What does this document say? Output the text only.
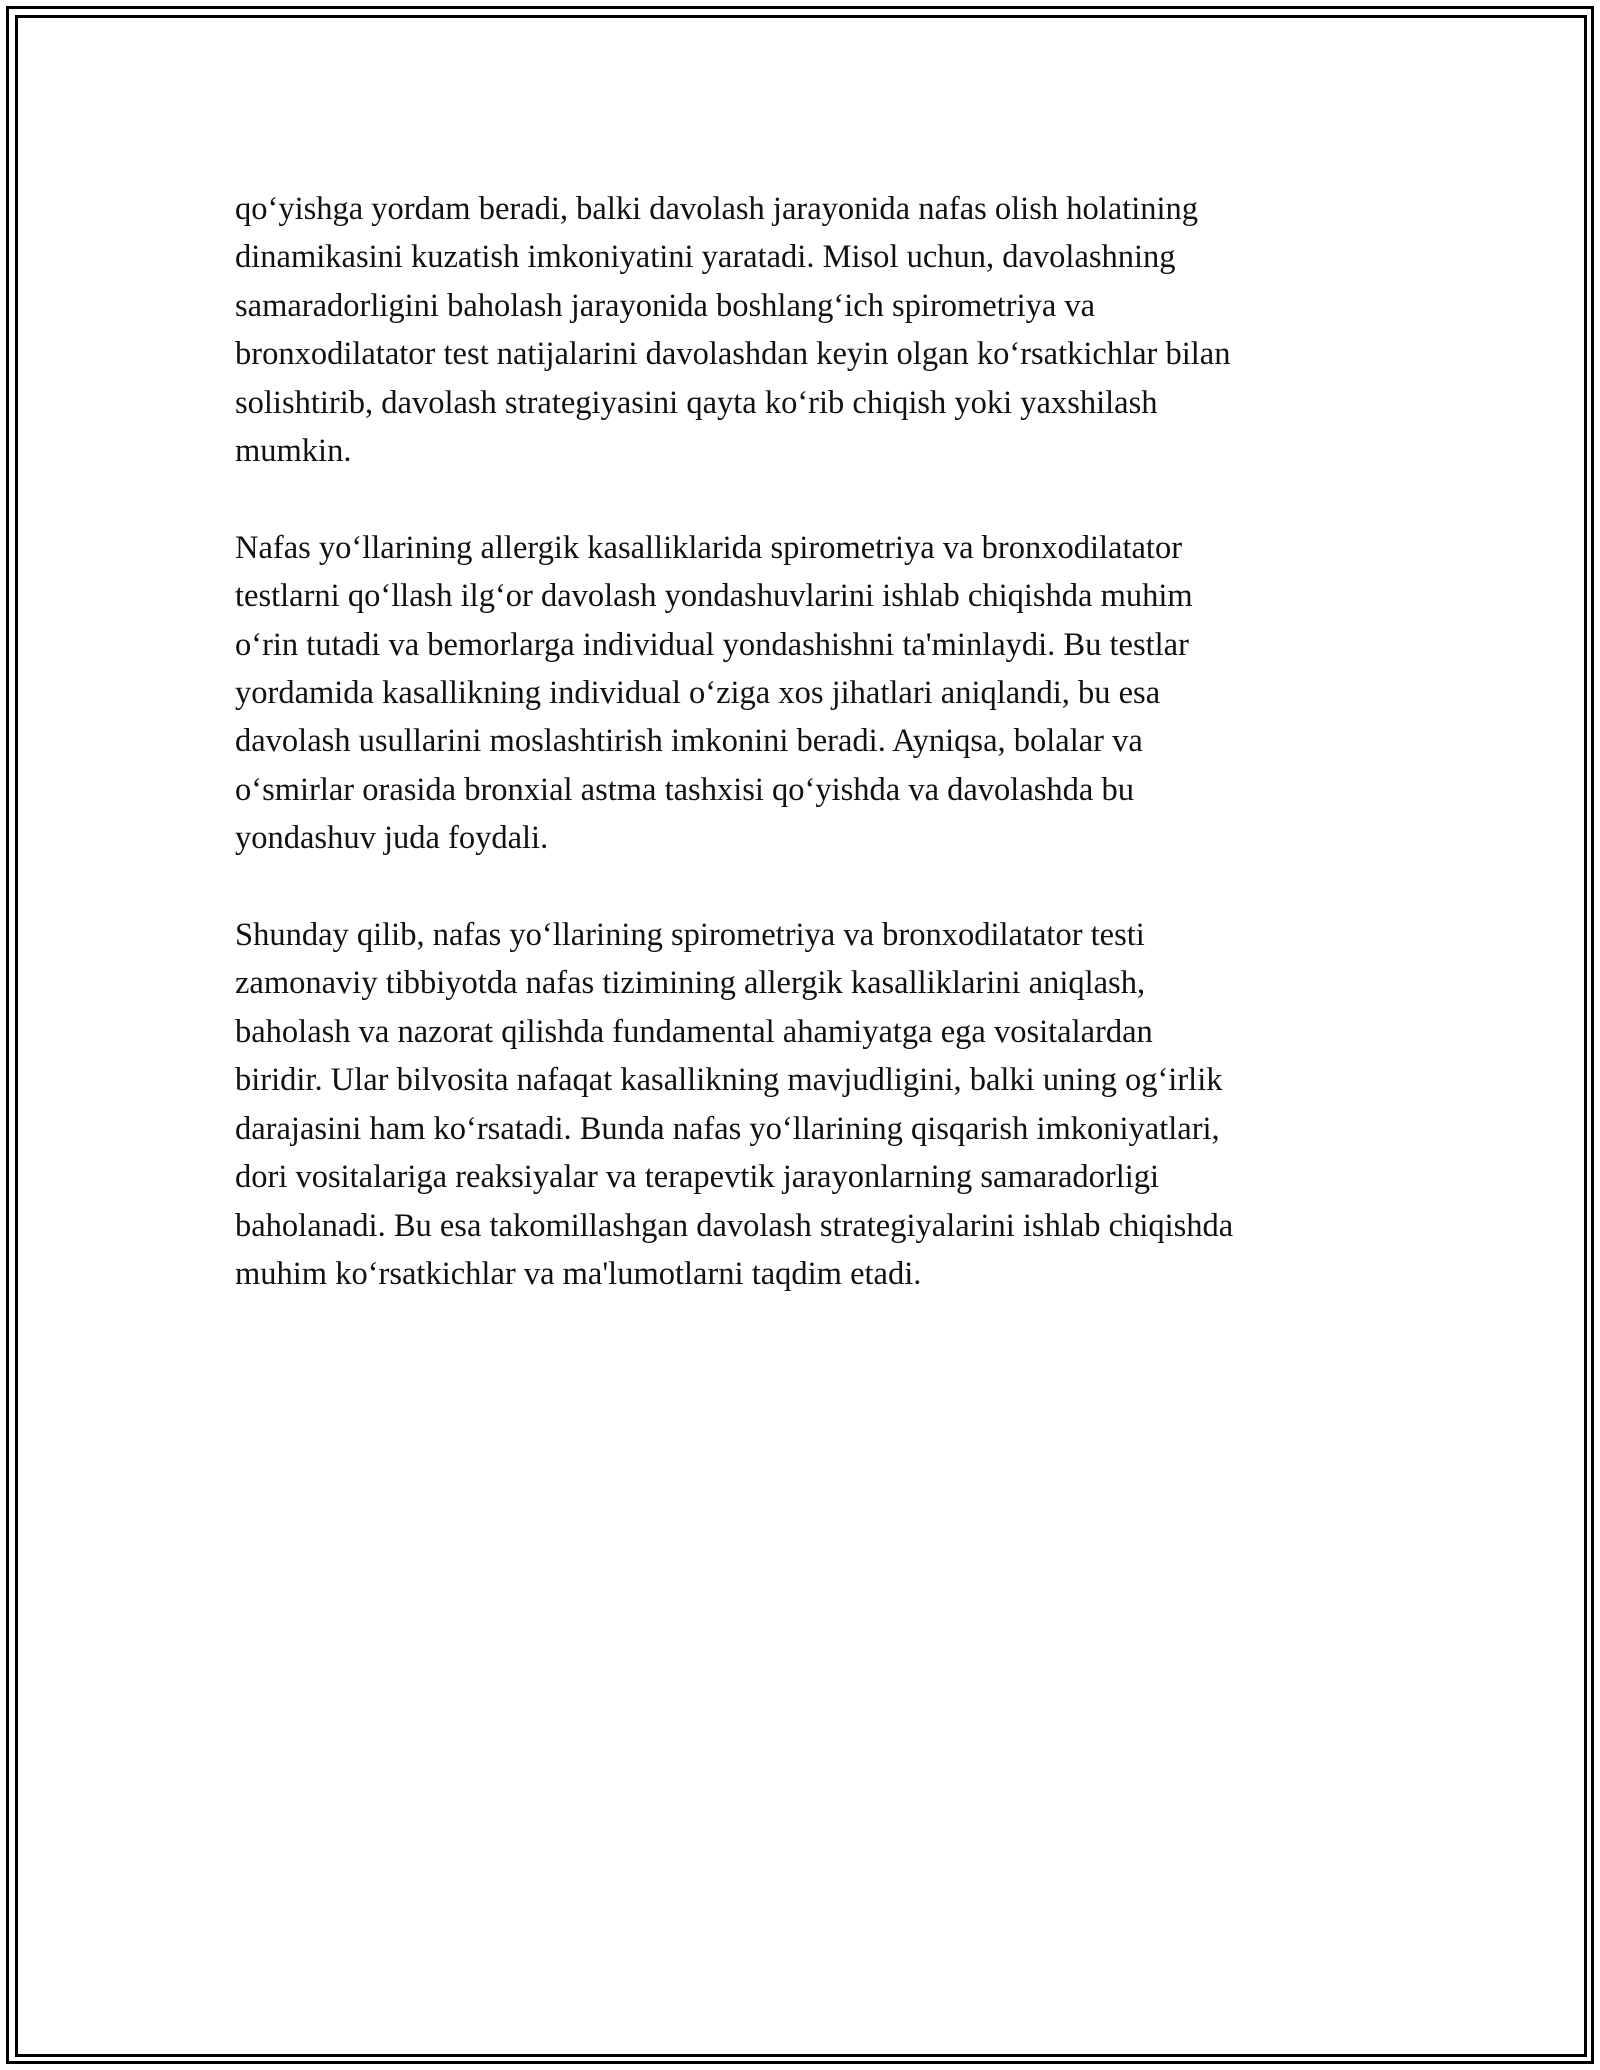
qo‘yishga yordam beradi, balki davolash jarayonida nafas olish holatining
dinamikasini kuzatish imkoniyatini yaratadi. Misol uchun, davolashning
samaradorligini baholash jarayonida boshlang‘ich spirometriya va
bronxodilatator test natijalarini davolashdan keyin olgan ko‘rsatkichlar bilan
solishtirib, davolash strategiyasini qayta ko‘rib chiqish yoki yaxshilash
mumkin.

Nafas yo‘llarining allergik kasalliklarida spirometriya va bronxodilatator
testlarni qo‘llash ilg‘or davolash yondashuvlarini ishlab chiqishda muhim
o‘rin tutadi va bemorlarga individual yondashishni ta'minlaydi. Bu testlar
yordamida kasallikning individual o‘ziga xos jihatlari aniqlandi, bu esa
davolash usullarini moslashtirish imkonini beradi. Ayniqsa, bolalar va
o‘smirlar orasida bronxial astma tashxisi qo‘yishda va davolashda bu
yondashuv juda foydali.

Shunday qilib, nafas yo‘llarining spirometriya va bronxodilatator testi
zamonaviy tibbiyotda nafas tizimining allergik kasalliklarini aniqlash,
baholash va nazorat qilishda fundamental ahamiyatga ega vositalardan
biridir. Ular bilvosita nafaqat kasallikning mavjudligini, balki uning og‘irlik
darajasini ham ko‘rsatadi. Bunda nafas yo‘llarining qisqarish imkoniyatlari,
dori vositalariga reaksiyalar va terapevtik jarayonlarning samaradorligi
baholanadi. Bu esa takomillashgan davolash strategiyalarini ishlab chiqishda
muhim ko‘rsatkichlar va ma'lumotlarni taqdim etadi.
